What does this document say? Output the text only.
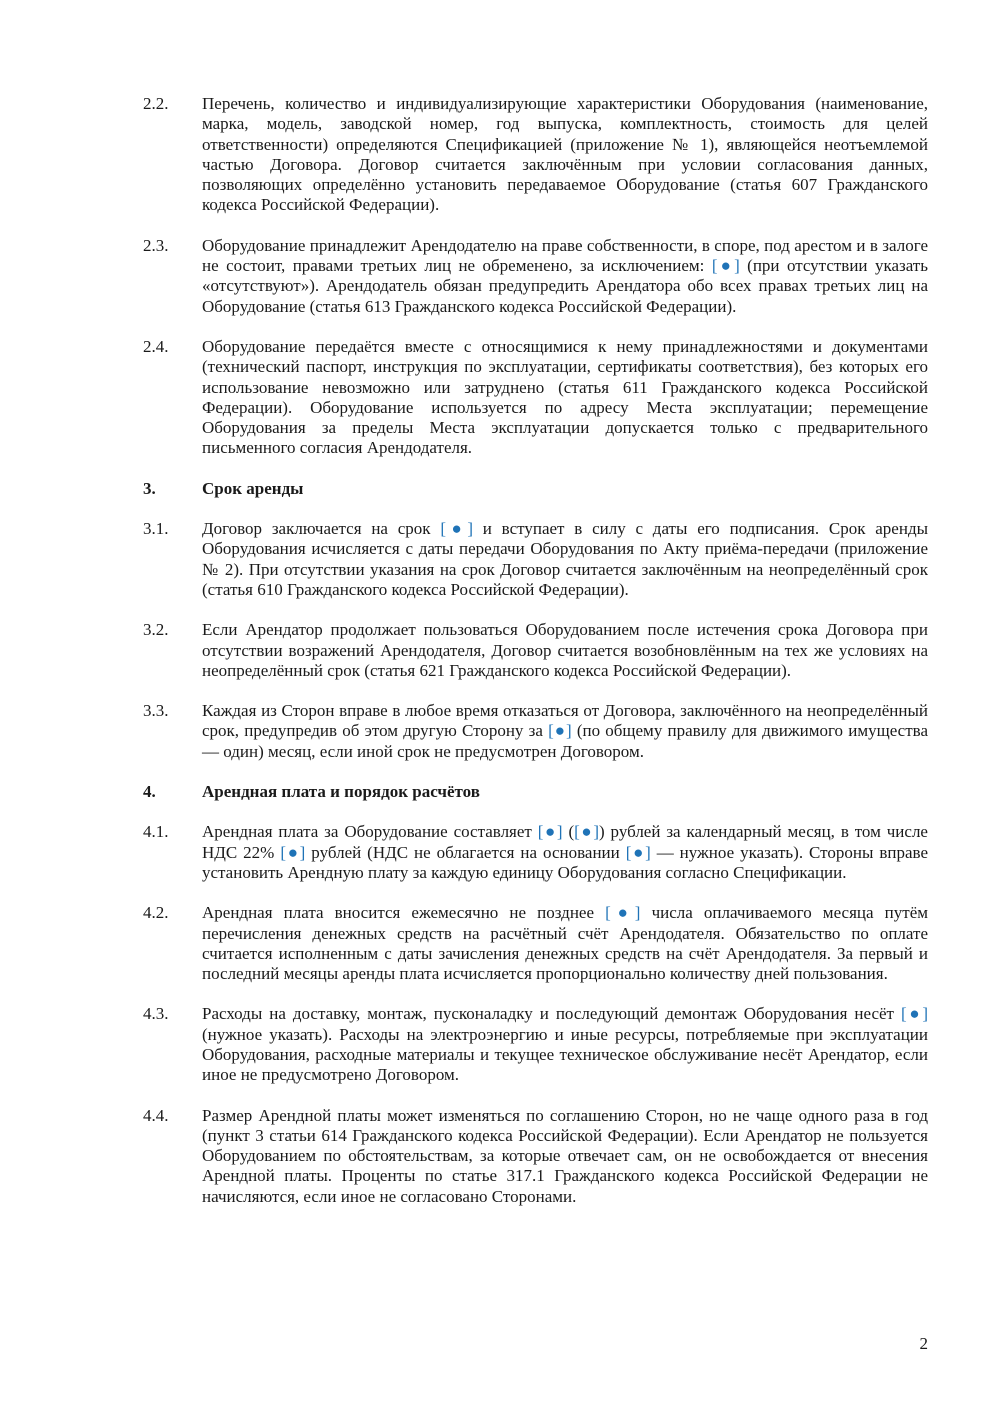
2.2.	Перечень, количество и индивидуализирующие характеристики Оборудования (наименование, марка, модель, заводской номер, год выпуска, комплектность, стоимость для целей ответственности) определяются Спецификацией (приложение № 1), являющейся неотъемлемой частью Договора. Договор считается заключённым при условии согласования данных, позволяющих определённо установить передаваемое Оборудование (статья 607 Гражданского кодекса Российской Федерации).
2.3.	Оборудование принадлежит Арендодателю на праве собственности, в споре, под арестом и в залоге не состоит, правами третьих лиц не обременено, за исключением: [●] (при отсутствии указать «отсутствуют»). Арендодатель обязан предупредить Арендатора обо всех правах третьих лиц на Оборудование (статья 613 Гражданского кодекса Российской Федерации).
2.4.	Оборудование передаётся вместе с относящимися к нему принадлежностями и документами (технический паспорт, инструкция по эксплуатации, сертификаты соответствия), без которых его использование невозможно или затруднено (статья 611 Гражданского кодекса Российской Федерации). Оборудование используется по адресу Места эксплуатации; перемещение Оборудования за пределы Места эксплуатации допускается только с предварительного письменного согласия Арендодателя.
3.	Срок аренды
3.1.	Договор заключается на срок [●] и вступает в силу с даты его подписания. Срок аренды Оборудования исчисляется с даты передачи Оборудования по Акту приёма-передачи (приложение № 2). При отсутствии указания на срок Договор считается заключённым на неопределённый срок (статья 610 Гражданского кодекса Российской Федерации).
3.2.	Если Арендатор продолжает пользоваться Оборудованием после истечения срока Договора при отсутствии возражений Арендодателя, Договор считается возобновлённым на тех же условиях на неопределённый срок (статья 621 Гражданского кодекса Российской Федерации).
3.3.	Каждая из Сторон вправе в любое время отказаться от Договора, заключённого на неопределённый срок, предупредив об этом другую Сторону за [●] (по общему правилу для движимого имущества — один) месяц, если иной срок не предусмотрен Договором.
4.	Арендная плата и порядок расчётов
4.1.	Арендная плата за Оборудование составляет [●] ([●]) рублей за календарный месяц, в том числе НДС 22% [●] рублей (НДС не облагается на основании [●] — нужное указать). Стороны вправе установить Арендную плату за каждую единицу Оборудования согласно Спецификации.
4.2.	Арендная плата вносится ежемесячно не позднее [●] числа оплачиваемого месяца путём перечисления денежных средств на расчётный счёт Арендодателя. Обязательство по оплате считается исполненным с даты зачисления денежных средств на счёт Арендодателя. За первый и последний месяцы аренды плата исчисляется пропорционально количеству дней пользования.
4.3.	Расходы на доставку, монтаж, пусконаладку и последующий демонтаж Оборудования несёт [●] (нужное указать). Расходы на электроэнергию и иные ресурсы, потребляемые при эксплуатации Оборудования, расходные материалы и текущее техническое обслуживание несёт Арендатор, если иное не предусмотрено Договором.
4.4.	Размер Арендной платы может изменяться по соглашению Сторон, но не чаще одного раза в год (пункт 3 статьи 614 Гражданского кодекса Российской Федерации). Если Арендатор не пользуется Оборудованием по обстоятельствам, за которые отвечает сам, он не освобождается от внесения Арендной платы. Проценты по статье 317.1 Гражданского кодекса Российской Федерации не начисляются, если иное не согласовано Сторонами.
2
